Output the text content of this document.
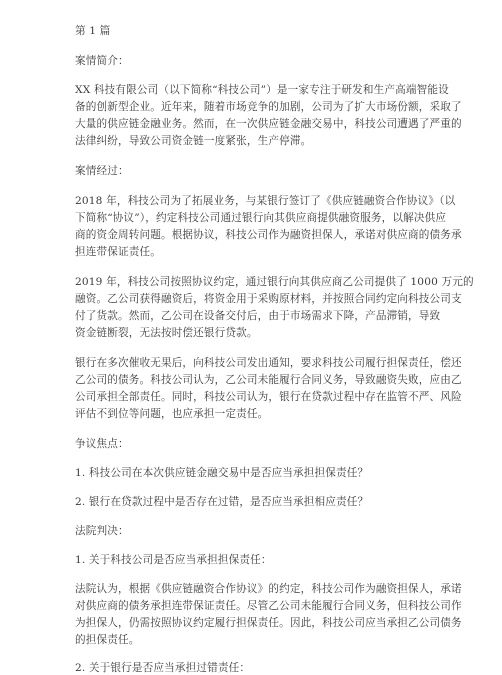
第 1 篇
案情简介：
XX 科技有限公司（以下简称“科技公司”）是一家专注于研发和生产高端智能设
备的创新型企业。近年来，随着市场竞争的加剧，公司为了扩大市场份额，采取了
大量的供应链金融业务。然而，在一次供应链金融交易中，科技公司遭遇了严重的
法律纠纷，导致公司资金链一度紧张，生产停滞。
案情经过：
2018 年，科技公司为了拓展业务，与某银行签订了《供应链融资合作协议》（以
下简称“协议”），约定科技公司通过银行向其供应商提供融资服务，以解决供应
商的资金周转问题。根据协议，科技公司作为融资担保人，承诺对供应商的债务承
担连带保证责任。
2019 年，科技公司按照协议约定，通过银行向其供应商乙公司提供了 1000 万元的
融资。乙公司获得融资后，将资金用于采购原材料，并按照合同约定向科技公司支
付了货款。然而，乙公司在设备交付后，由于市场需求下降，产品滞销，导致
资金链断裂，无法按时偿还银行贷款。
银行在多次催收无果后，向科技公司发出通知，要求科技公司履行担保责任，偿还
乙公司的债务。科技公司认为，乙公司未能履行合同义务，导致融资失败，应由乙
公司承担全部责任。同时，科技公司认为，银行在贷款过程中存在监管不严、风险
评估不到位等问题，也应承担一定责任。
争议焦点：
1. 科技公司在本次供应链金融交易中是否应当承担担保责任？
2. 银行在贷款过程中是否存在过错，是否应当承担相应责任？
法院判决：
1. 关于科技公司是否应当承担担保责任：
法院认为，根据《供应链融资合作协议》的约定，科技公司作为融资担保人，承诺
对供应商的债务承担连带保证责任。尽管乙公司未能履行合同义务，但科技公司作
为担保人，仍需按照协议约定履行担保责任。因此，科技公司应当承担乙公司债务
的担保责任。
2. 关于银行是否应当承担过错责任：
